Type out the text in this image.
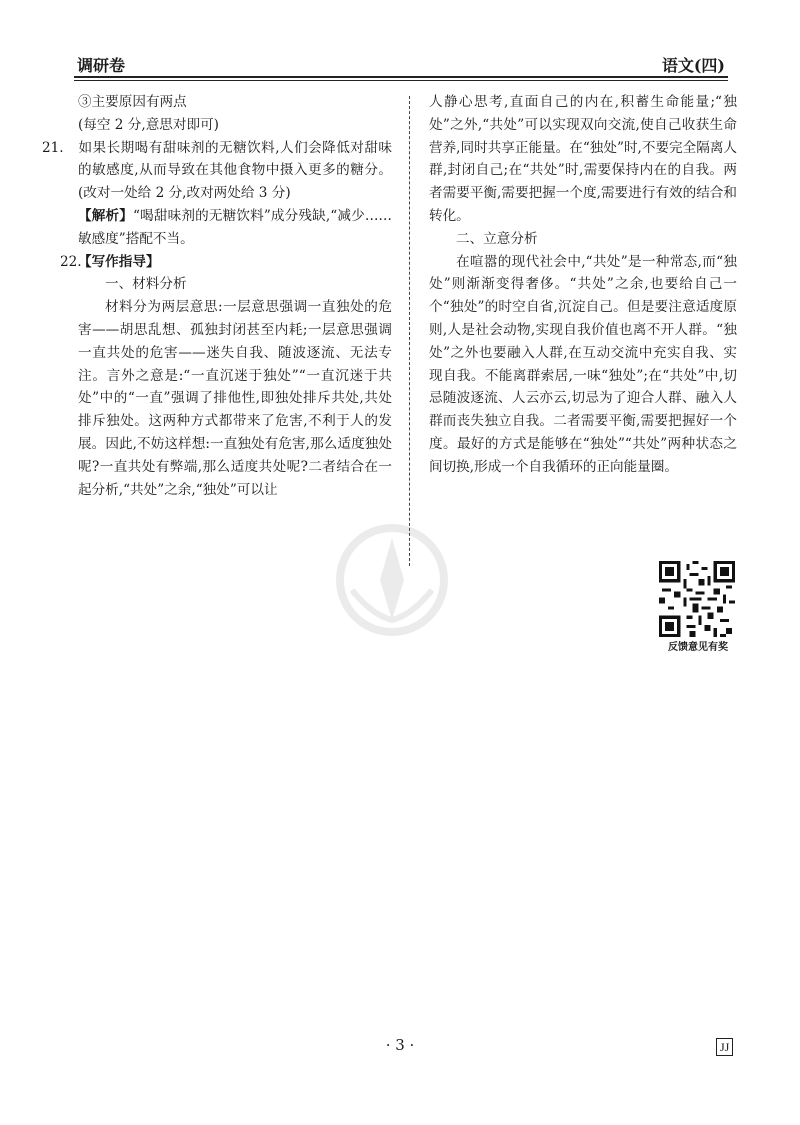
调研卷	语文(四)

③主要原因有两点

(每空 2 分,意思对即可)

21. 如果长期喝有甜味剂的无糖饮料,人们会降低对甜味的敏感度,从而导致在其他食物中摄入更多的糖分。(改对一处给 2 分,改对两处给 3 分)

【解析】“喝甜味剂的无糖饮料”成分残缺,“减少……敏感度”搭配不当。

22.【写作指导】

一、材料分析

材料分为两层意思:一层意思强调一直独处的危害——胡思乱想、孤独封闭甚至内耗;一层意思强调一直共处的危害——迷失自我、随波逐流、无法专注。言外之意是:“一直沉迷于独处”“一直沉迷于共处”中的“一直”强调了排他性,即独处排斥共处,共处排斥独处。这两种方式都带来了危害,不利于人的发展。因此,不妨这样想:一直独处有危害,那么适度独处呢?一直共处有弊端,那么适度共处呢?二者结合在一起分析,“共处”之余,“独处”可以让

人静心思考,直面自己的内在,积蓄生命能量;“独处”之外,“共处”可以实现双向交流,使自己收获生命营养,同时共享正能量。在“独处”时,不要完全隔离人群,封闭自己;在“共处”时,需要保持内在的自我。两者需要平衡,需要把握一个度,需要进行有效的结合和转化。

二、立意分析

在喧嚣的现代社会中,“共处”是一种常态,而“独处”则渐渐变得奢侈。“共处”之余,也要给自己一个“独处”的时空自省,沉淀自己。但是要注意适度原则,人是社会动物,实现自我价值也离不开人群。“独处”之外也要融入人群,在互动交流中充实自我、实现自我。不能离群索居,一味“独处”;在“共处”中,切忌随波逐流、人云亦云,切忌为了迎合人群、融入人群而丧失独立自我。二者需要平衡,需要把握好一个度。最好的方式是能够在“独处”“共处”两种状态之间切换,形成一个自我循环的正向能量圈。

反馈意见有奖
· 3 ·	JJ
